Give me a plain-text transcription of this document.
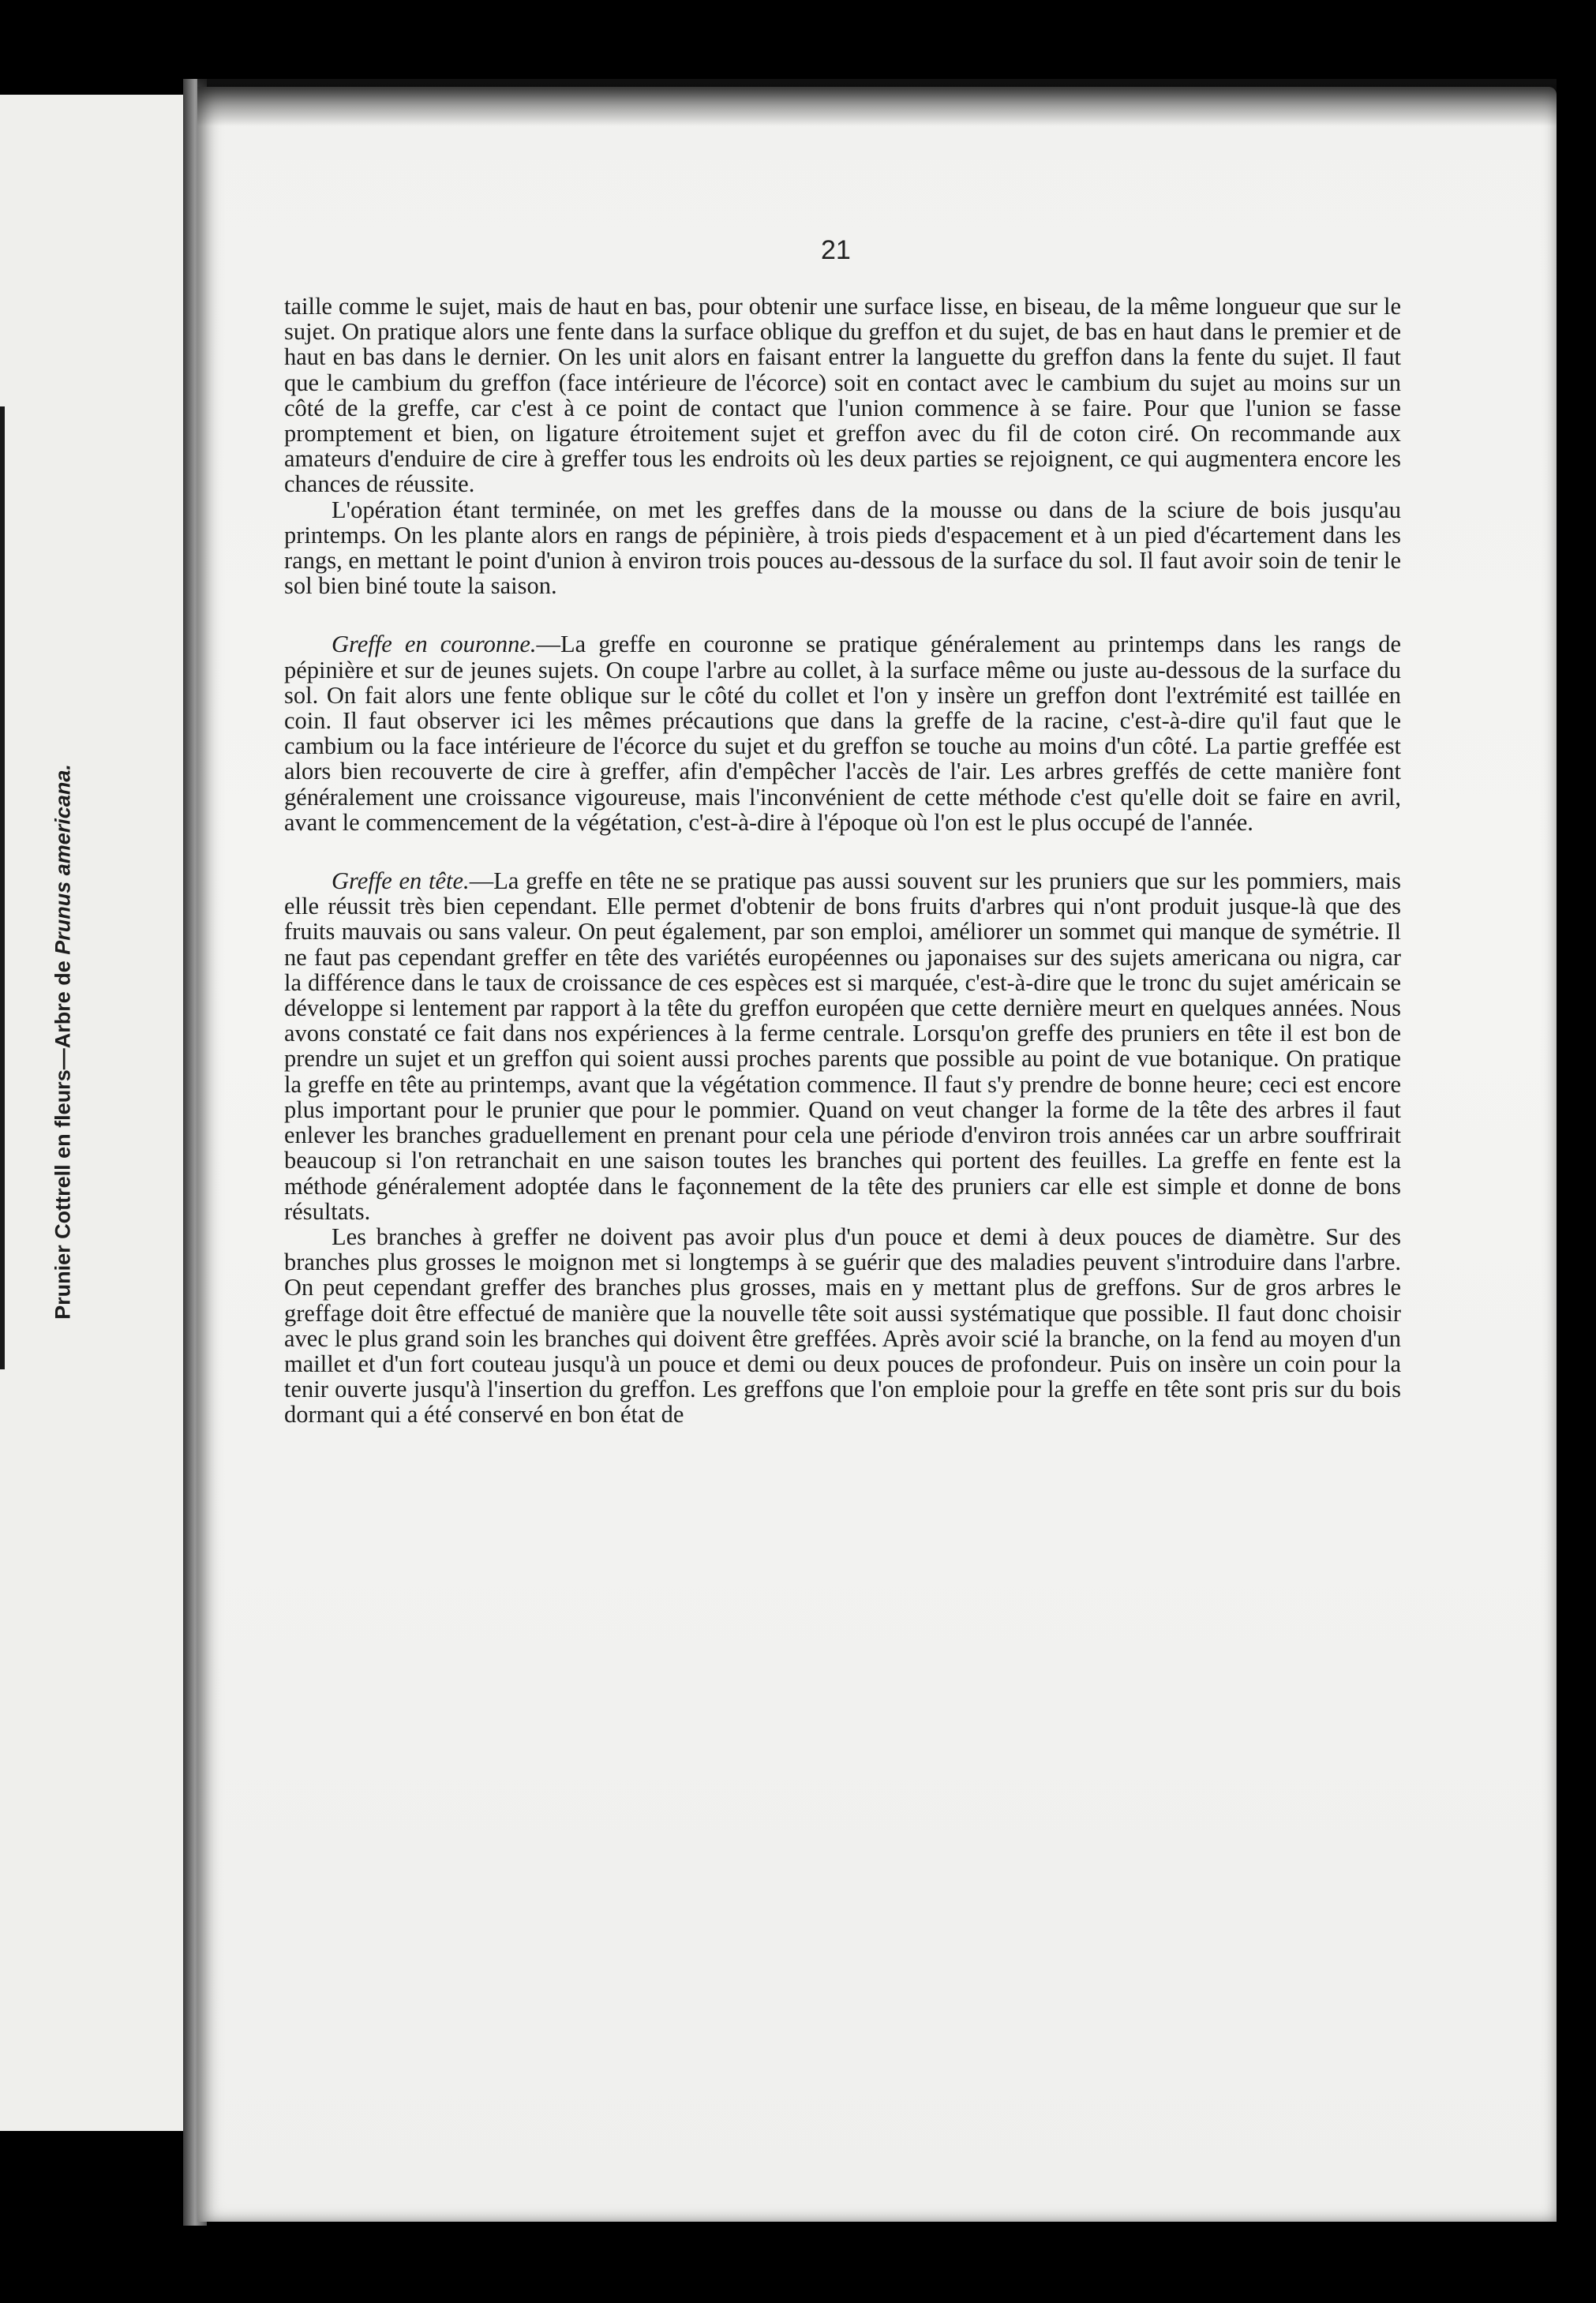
Prunier Cottrell en fleurs—Arbre de Prunus americana.
21

taille comme le sujet, mais de haut en bas, pour obtenir une surface lisse, en biseau, de la même longueur que sur le sujet. On pratique alors une fente dans la surface oblique du greffon et du sujet, de bas en haut dans le premier et de haut en bas dans le dernier. On les unit alors en faisant entrer la languette du greffon dans la fente du sujet. Il faut que le cambium du greffon (face intérieure de l'écorce) soit en contact avec le cambium du sujet au moins sur un côté de la greffe, car c'est à ce point de contact que l'union commence à se faire. Pour que l'union se fasse promptement et bien, on ligature étroitement sujet et greffon avec du fil de coton ciré. On recommande aux amateurs d'enduire de cire à greffer tous les endroits où les deux parties se rejoignent, ce qui augmentera encore les chances de réussite.

L'opération étant terminée, on met les greffes dans de la mousse ou dans de la sciure de bois jusqu'au printemps. On les plante alors en rangs de pépinière, à trois pieds d'espacement et à un pied d'écartement dans les rangs, en mettant le point d'union à environ trois pouces au-dessous de la surface du sol. Il faut avoir soin de tenir le sol bien biné toute la saison.

Greffe en couronne.—La greffe en couronne se pratique généralement au printemps dans les rangs de pépinière et sur de jeunes sujets. On coupe l'arbre au collet, à la surface même ou juste au-dessous de la surface du sol. On fait alors une fente oblique sur le côté du collet et l'on y insère un greffon dont l'extrémité est taillée en coin. Il faut observer ici les mêmes précautions que dans la greffe de la racine, c'est-à-dire qu'il faut que le cambium ou la face intérieure de l'écorce du sujet et du greffon se touche au moins d'un côté. La partie greffée est alors bien recouverte de cire à greffer, afin d'empêcher l'accès de l'air. Les arbres greffés de cette manière font généralement une croissance vigoureuse, mais l'inconvénient de cette méthode c'est qu'elle doit se faire en avril, avant le commencement de la végétation, c'est-à-dire à l'époque où l'on est le plus occupé de l'année.

Greffe en tête.—La greffe en tête ne se pratique pas aussi souvent sur les pruniers que sur les pommiers, mais elle réussit très bien cependant. Elle permet d'obtenir de bons fruits d'arbres qui n'ont produit jusque-là que des fruits mauvais ou sans valeur. On peut également, par son emploi, améliorer un sommet qui manque de symétrie. Il ne faut pas cependant greffer en tête des variétés européennes ou japonaises sur des sujets americana ou nigra, car la différence dans le taux de croissance de ces espèces est si marquée, c'est-à-dire que le tronc du sujet américain se développe si lentement par rapport à la tête du greffon européen que cette dernière meurt en quelques années. Nous avons constaté ce fait dans nos expériences à la ferme centrale. Lorsqu'on greffe des pruniers en tête il est bon de prendre un sujet et un greffon qui soient aussi proches parents que possible au point de vue botanique. On pratique la greffe en tête au printemps, avant que la végétation commence. Il faut s'y prendre de bonne heure; ceci est encore plus important pour le prunier que pour le pommier. Quand on veut changer la forme de la tête des arbres il faut enlever les branches graduellement en prenant pour cela une période d'environ trois années car un arbre souffrirait beaucoup si l'on retranchait en une saison toutes les branches qui portent des feuilles. La greffe en fente est la méthode généralement adoptée dans le façonnement de la tête des pruniers car elle est simple et donne de bons résultats.

Les branches à greffer ne doivent pas avoir plus d'un pouce et demi à deux pouces de diamètre. Sur des branches plus grosses le moignon met si longtemps à se guérir que des maladies peuvent s'introduire dans l'arbre. On peut cependant greffer des branches plus grosses, mais en y mettant plus de greffons. Sur de gros arbres le greffage doit être effectué de manière que la nouvelle tête soit aussi systématique que possible. Il faut donc choisir avec le plus grand soin les branches qui doivent être greffées. Après avoir scié la branche, on la fend au moyen d'un maillet et d'un fort couteau jusqu'à un pouce et demi ou deux pouces de profondeur. Puis on insère un coin pour la tenir ouverte jusqu'à l'insertion du greffon. Les greffons que l'on emploie pour la greffe en tête sont pris sur du bois dormant qui a été conservé en bon état de
